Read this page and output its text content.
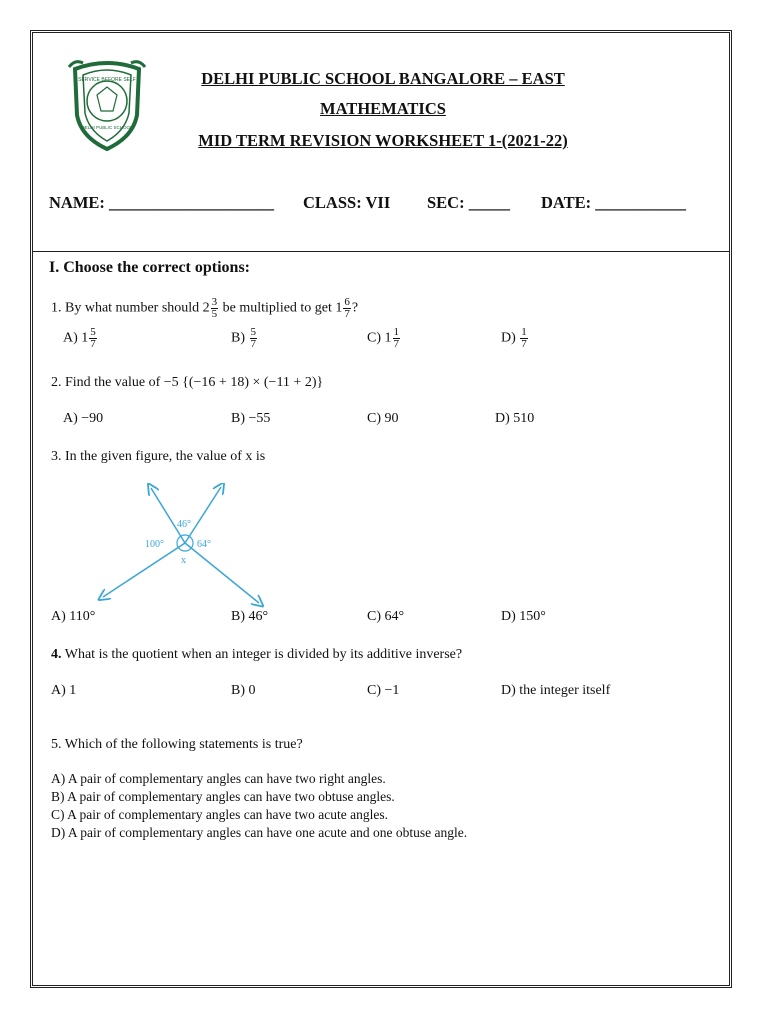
SERVICE BEFORE SELF
DELHI PUBLIC SCHOOL
DELHI PUBLIC SCHOOL BANGALORE – EAST
MATHEMATICS
MID TERM REVISION WORKSHEET 1-(2021-22)
NAME: ____________________ CLASS: VII SEC: _____ DATE: ___________
I. Choose the correct options:
1. By what number should $2 \frac{3}{5}$ be multiplied to get $1 \frac{6}{7}$ ?
A) $1 \frac{5}{7}$	$B) \frac{5}{7}$	C) $1 \frac{1}{7}$	$D) \frac{1}{7}$
2. Find the value of −5 {(−16 + 18) × (−11 + 2)}
A) −90	B) −55	C) 90	D) 510
3. In the given figure, the value of x is
46°
100°	64°
x
A) 110°	B) 46°	C) 64°	D) 150°
4. What is the quotient when an integer is divided by its additive inverse?
A) 1	B) 0	C) −1	D) the integer itself
5. Which of the following statements is true?
A) A pair of complementary angles can have two right angles.
B) A pair of complementary angles can have two obtuse angles.
C) A pair of complementary angles can have two acute angles.
D) A pair of complementary angles can have one acute and one obtuse angle.
